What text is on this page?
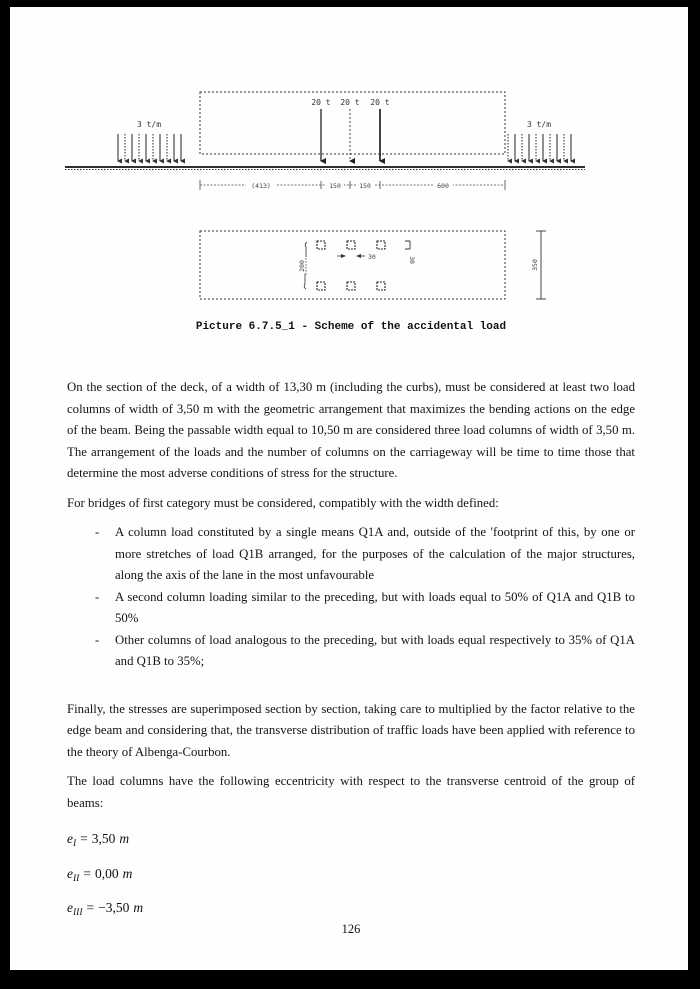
3 t/m	3 t/m
20 t 20 t 20 t
(413)	150	150	600
30
30
200	350
Picture 6.7.5_1 - Scheme of the accidental load

On the section of the deck, of a width of 13,30 m (including the curbs), must be considered at least two load columns of width of 3,50 m with the geometric arrangement that maximizes the bending actions on the edge of the beam. Being the passable width equal to 10,50 m are considered three load columns of width of 3,50 m. The arrangement of the loads and the number of columns on the carriageway will be time to time those that determine the most adverse conditions of stress for the structure.

For bridges of first category must be considered, compatibly with the width defined:

- A column load constituted by a single means Q1A and, outside of the 'footprint of this, by one or more stretches of load Q1B arranged, for the purposes of the calculation of the major structures, along the axis of the lane in the most unfavourable
- A second column loading similar to the preceding, but with loads equal to 50% of Q1A and Q1B to 50%
- Other columns of load analogous to the preceding, but with loads equal respectively to 35% of Q1A and Q1B to 35%;

Finally, the stresses are superimposed section by section, taking care to multiplied by the factor relative to the edge beam and considering that, the transverse distribution of traffic loads have been applied with reference to the theory of Albenga-Courbon.

The load columns have the following eccentricity with respect to the transverse centroid of the group of beams:

$e_I = 3,50$ m
$e_{II} = 0,00$ m
$e_{III} = -3,50$ m
126
